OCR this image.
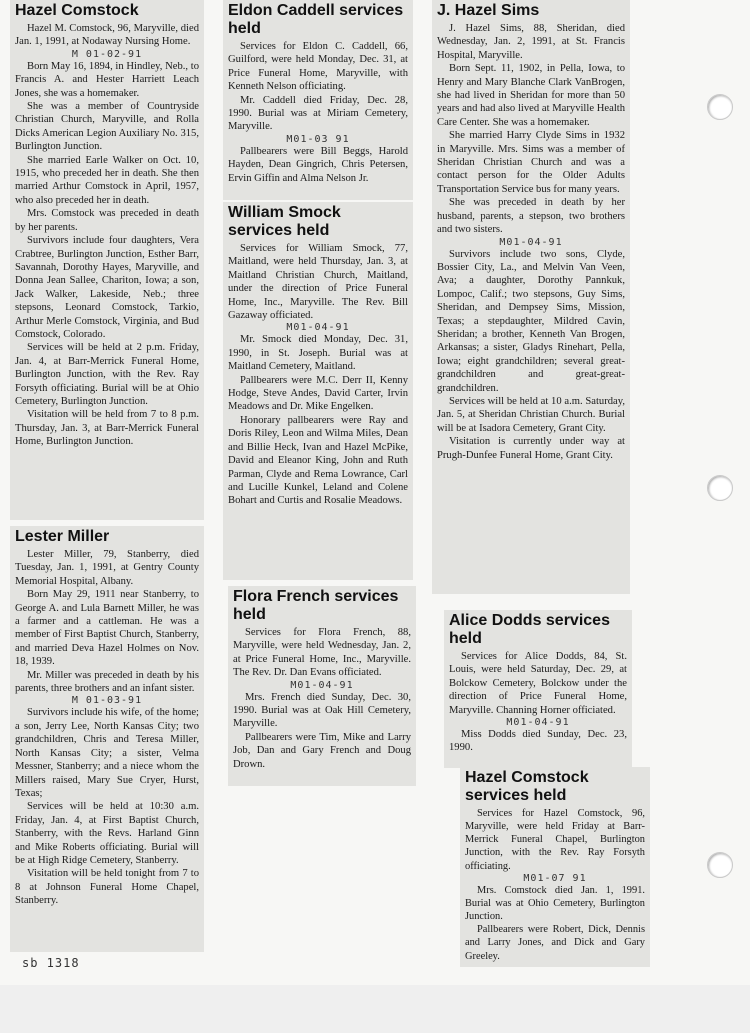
Hazel Comstock

Hazel M. Comstock, 96, Maryville, died Jan. 1, 1991, at Nodaway Nursing Home.

M 01-02-91

Born May 16, 1894, in Hindley, Neb., to Francis A. and Hester Harriett Leach Jones, she was a homemaker.

She was a member of Countryside Christian Church, Maryville, and Rolla Dicks American Legion Auxiliary No. 315, Burlington Junction.

She married Earle Walker on Oct. 10, 1915, who preceded her in death. She then married Arthur Comstock in April, 1957, who also preceded her in death.

Mrs. Comstock was preceded in death by her parents.

Survivors include four daughters, Vera Crabtree, Burlington Junction, Esther Barr, Savannah, Dorothy Hayes, Maryville, and Donna Jean Sallee, Chariton, Iowa; a son, Jack Walker, Lakeside, Neb.; three stepsons, Leonard Comstock, Tarkio, Arthur Merle Comstock, Virginia, and Bud Comstock, Colorado.

Services will be held at 2 p.m. Friday, Jan. 4, at Barr-Merrick Funeral Home, Burlington Junction, with the Rev. Ray Forsyth officiating. Burial will be at Ohio Cemetery, Burlington Junction.

Visitation will be held from 7 to 8 p.m. Thursday, Jan. 3, at Barr-Merrick Funeral Home, Burlington Junction.

Lester Miller

Lester Miller, 79, Stanberry, died Tuesday, Jan. 1, 1991, at Gentry County Memorial Hospital, Albany.

Born May 29, 1911 near Stanberry, to George A. and Lula Barnett Miller, he was a farmer and a cattleman. He was a member of First Baptist Church, Stanberry, and married Deva Hazel Holmes on Nov. 18, 1939.

Mr. Miller was preceded in death by his parents, three brothers and an infant sister.

M 01-03-91

Survivors include his wife, of the home; a son, Jerry Lee, North Kansas City; two grandchildren, Chris and Teresa Miller, North Kansas City; a sister, Velma Messner, Stanberry; and a niece whom the Millers raised, Mary Sue Cryer, Hurst, Texas;

Services will be held at 10:30 a.m. Friday, Jan. 4, at First Baptist Church, Stanberry, with the Revs. Harland Ginn and Mike Roberts officiating. Burial will be at High Ridge Cemetery, Stanberry.

Visitation will be held tonight from 7 to 8 at Johnson Funeral Home Chapel, Stanberry.

Eldon Caddell services held

Services for Eldon C. Caddell, 66, Guilford, were held Monday, Dec. 31, at Price Funeral Home, Maryville, with Kenneth Nelson officiating.

Mr. Caddell died Friday, Dec. 28, 1990. Burial was at Miriam Cemetery, Maryville.

M01-03 91

Pallbearers were Bill Beggs, Harold Hayden, Dean Gingrich, Chris Petersen, Ervin Giffin and Alma Nelson Jr.

William Smock services held

Services for William Smock, 77, Maitland, were held Thursday, Jan. 3, at Maitland Christian Church, Maitland, under the direction of Price Funeral Home, Inc., Maryville. The Rev. Bill Gazaway officiated.

M01-04-91

Mr. Smock died Monday, Dec. 31, 1990, in St. Joseph. Burial was at Maitland Cemetery, Maitland.

Pallbearers were M.C. Derr II, Kenny Hodge, Steve Andes, David Carter, Irvin Meadows and Dr. Mike Engelken.

Honorary pallbearers were Ray and Doris Riley, Leon and Wilma Miles, Dean and Billie Heck, Ivan and Hazel McPike, David and Eleanor King, John and Ruth Parman, Clyde and Rema Lowrance, Carl and Lucille Kunkel, Leland and Colene Bohart and Curtis and Rosalie Meadows.

Flora French services held

Services for Flora French, 88, Maryville, were held Wednesday, Jan. 2, at Price Funeral Home, Inc., Maryville. The Rev. Dr. Dan Evans officiated.

M01-04-91

Mrs. French died Sunday, Dec. 30, 1990. Burial was at Oak Hill Cemetery, Maryville.

Pallbearers were Tim, Mike and Larry Job, Dan and Gary French and Doug Drown.

J. Hazel Sims

J. Hazel Sims, 88, Sheridan, died Wednesday, Jan. 2, 1991, at St. Francis Hospital, Maryville.

Born Sept. 11, 1902, in Pella, Iowa, to Henry and Mary Blanche Clark VanBrogen, she had lived in Sheridan for more than 50 years and had also lived at Maryville Health Care Center. She was a homemaker.

She married Harry Clyde Sims in 1932 in Maryville. Mrs. Sims was a member of Sheridan Christian Church and was a contact person for the Older Adults Transportation Service bus for many years.

She was preceded in death by her husband, parents, a stepson, two brothers and two sisters.

M01-04-91

Survivors include two sons, Clyde, Bossier City, La., and Melvin Van Veen, Ava; a daughter, Dorothy Pannkuk, Lompoc, Calif.; two stepsons, Guy Sims, Sheridan, and Dempsey Sims, Mission, Texas; a stepdaughter, Mildred Cavin, Sheridan; a brother, Kenneth Van Brogen, Arkansas; a sister, Gladys Rinehart, Pella, Iowa; eight grandchildren; several great-grandchildren and great-great-grandchildren.

Services will be held at 10 a.m. Saturday, Jan. 5, at Sheridan Christian Church. Burial will be at Isadora Cemetery, Grant City.

Visitation is currently under way at Prugh-Dunfee Funeral Home, Grant City.

Alice Dodds services held

Services for Alice Dodds, 84, St. Louis, were held Saturday, Dec. 29, at Bolckow Cemetery, Bolckow under the direction of Price Funeral Home, Maryville. Channing Horner officiated.

M01-04-91

Miss Dodds died Sunday, Dec. 23, 1990.

Hazel Comstock services held

Services for Hazel Comstock, 96, Maryville, were held Friday at Barr-Merrick Funeral Chapel, Burlington Junction, with the Rev. Ray Forsyth officiating.

M01-07 91

Mrs. Comstock died Jan. 1, 1991. Burial was at Ohio Cemetery, Burlington Junction.

Pallbearers were Robert, Dick, Dennis and Larry Jones, and Dick and Gary Greeley.

sb 1318
